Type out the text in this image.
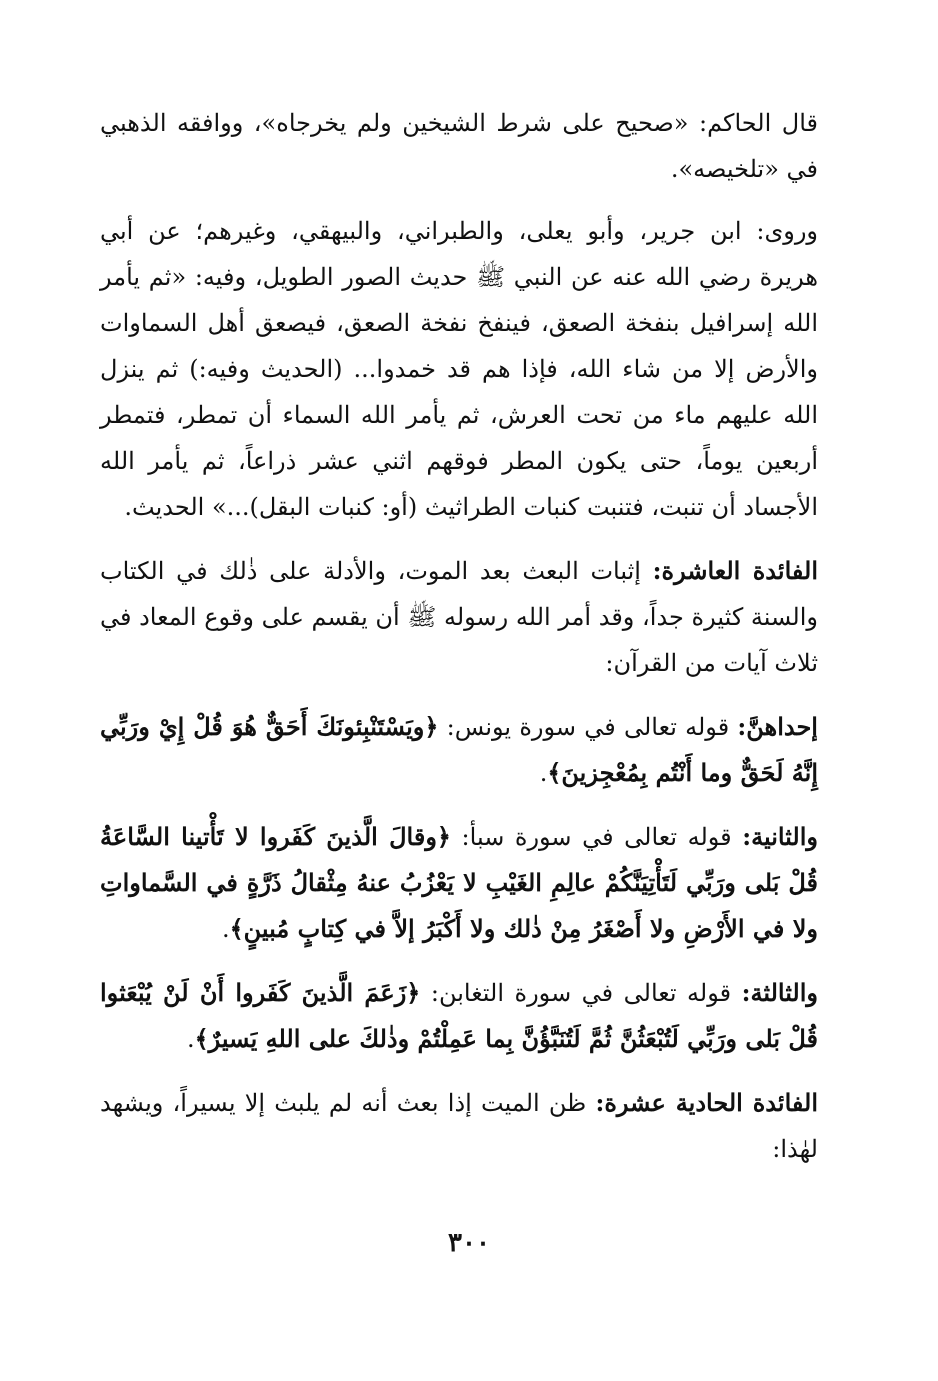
قال الحاكم: «صحيح على شرط الشيخين ولم يخرجاه»، ووافقه الذهبي في «تلخيصه».

وروى: ابن جرير، وأبو يعلى، والطبراني، والبيهقي، وغيرهم؛ عن أبي هريرة رضي الله عنه عن النبي ﷺ حديث الصور الطويل، وفيه: «ثم يأمر الله إسرافيل بنفخة الصعق، فينفخ نفخة الصعق، فيصعق أهل السماوات والأرض إلا من شاء الله، فإذا هم قد خمدوا... (الحديث وفيه:) ثم ينزل الله عليهم ماء من تحت العرش، ثم يأمر الله السماء أن تمطر، فتمطر أربعين يوماً، حتى يكون المطر فوقهم اثني عشر ذراعاً، ثم يأمر الله الأجساد أن تنبت، فتنبت كنبات الطراثيث (أو: كنبات البقل)...» الحديث.

الفائدة العاشرة: إثبات البعث بعد الموت، والأدلة على ذٰلك في الكتاب والسنة كثيرة جداً، وقد أمر الله رسوله ﷺ أن يقسم على وقوع المعاد في ثلاث آيات من القرآن:

إحداهنَّ: قوله تعالى في سورة يونس: ﴿ويَسْتَنْبِئونَكَ أَحَقٌّ هُوَ قُلْ إِيْ ورَبِّي إِنَّهُ لَحَقٌّ وما أَنْتُم بِمُعْجِزينَ﴾.

والثانية: قوله تعالى في سورة سبأ: ﴿وقالَ الَّذينَ كَفَروا لا تَأْتينا السَّاعَةُ قُلْ بَلى ورَبِّي لَتَأْتِيَنَّكُمْ عالِمِ الغَيْبِ لا يَعْزُبُ عنهُ مِثْقالُ ذَرَّةٍ في السَّماواتِ ولا في الأَرْضِ ولا أَصْغَرُ مِنْ ذٰلك ولا أَكْبَرُ إلاَّ في كِتابٍ مُبينٍ﴾.

والثالثة: قوله تعالى في سورة التغابن: ﴿زَعَمَ الَّذينَ كَفَروا أَنْ لَنْ يُبْعَثوا قُلْ بَلى ورَبِّي لَتُبْعَثُنَّ ثُمَّ لَتُنَبَّؤُنَّ بِما عَمِلْتُمْ وذٰلكَ على اللهِ يَسيرٌ﴾.

الفائدة الحادية عشرة: ظن الميت إذا بعث أنه لم يلبث إلا يسيراً، ويشهد لهٰذا:

٣٠٠
